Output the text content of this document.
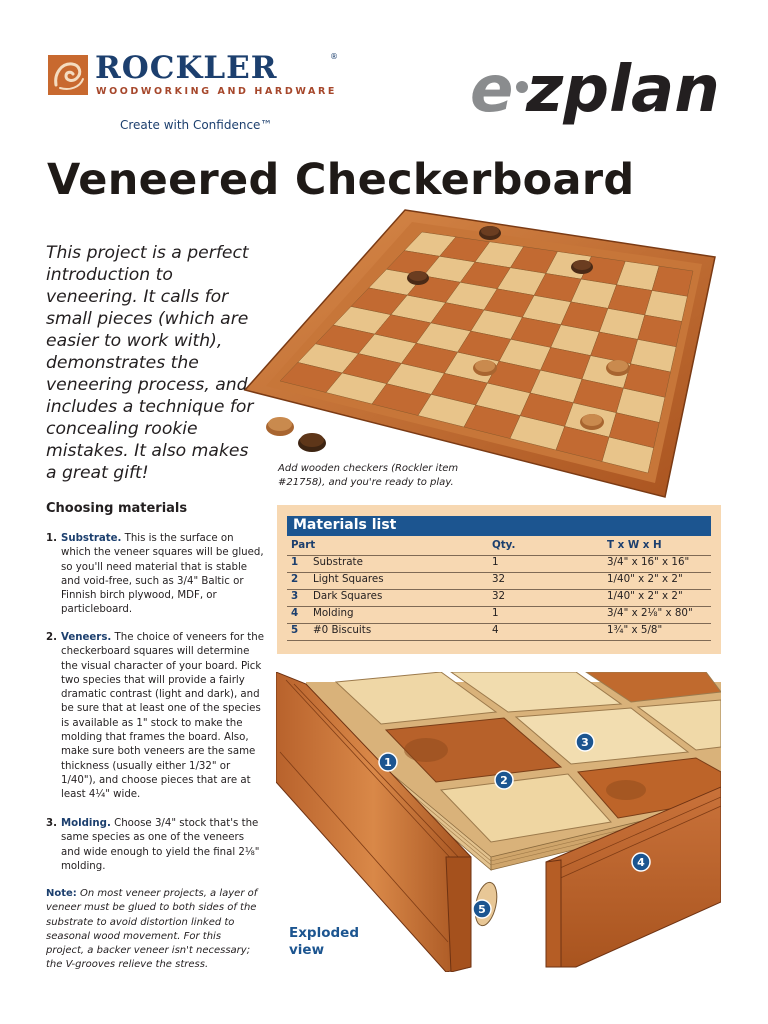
ROCKLER	®
WOODWORKING AND HARDWARE
Create with Confidence™	e zplan
Veneered Checkerboard
This project is a perfect introduction to veneering. It calls for small pieces (which are easier to work with), demonstrates the veneering process, and includes a technique for concealing rookie mistakes. It also makes a great gift!	Add wooden checkers (Rockler item #21758), and you're ready to play.
Choosing materials
1. Substrate. This is the surface on which the veneer squares will be glued, so you'll need material that is stable and void-free, such as 3/4" Baltic or Finnish birch plywood, MDF, or particleboard.
2. Veneers. The choice of veneers for the checkerboard squares will determine the visual character of your board. Pick two species that will provide a fairly dramatic contrast (light and dark), and be sure that at least one of the species is available as 1" stock to make the molding that frames the board. Also, make sure both veneers are the same thickness (usually either 1/32" or 1/40"), and choose pieces that are at least 4¼" wide.
3. Molding. Choose 3/4" stock that's the same species as one of the veneers and wide enough to yield the final 2⅛" molding.
Note: On most veneer projects, a layer of veneer must be glued to both sides of the substrate to avoid distortion linked to seasonal wood movement. For this project, a backer veneer isn't necessary; the V-grooves relieve the stress.
Materials list
Part	Qty.	T x W x H
1 Substrate	1	3/4" x 16" x 16"
2 Light Squares	32	1/40" x 2" x 2"
3 Dark Squares	32	1/40" x 2" x 2"
4 Molding	1	3/4" x 2⅛" x 80"
5 #0 Biscuits	4	1¾" x 5/8"
1
2
3
4
5
Exploded view
